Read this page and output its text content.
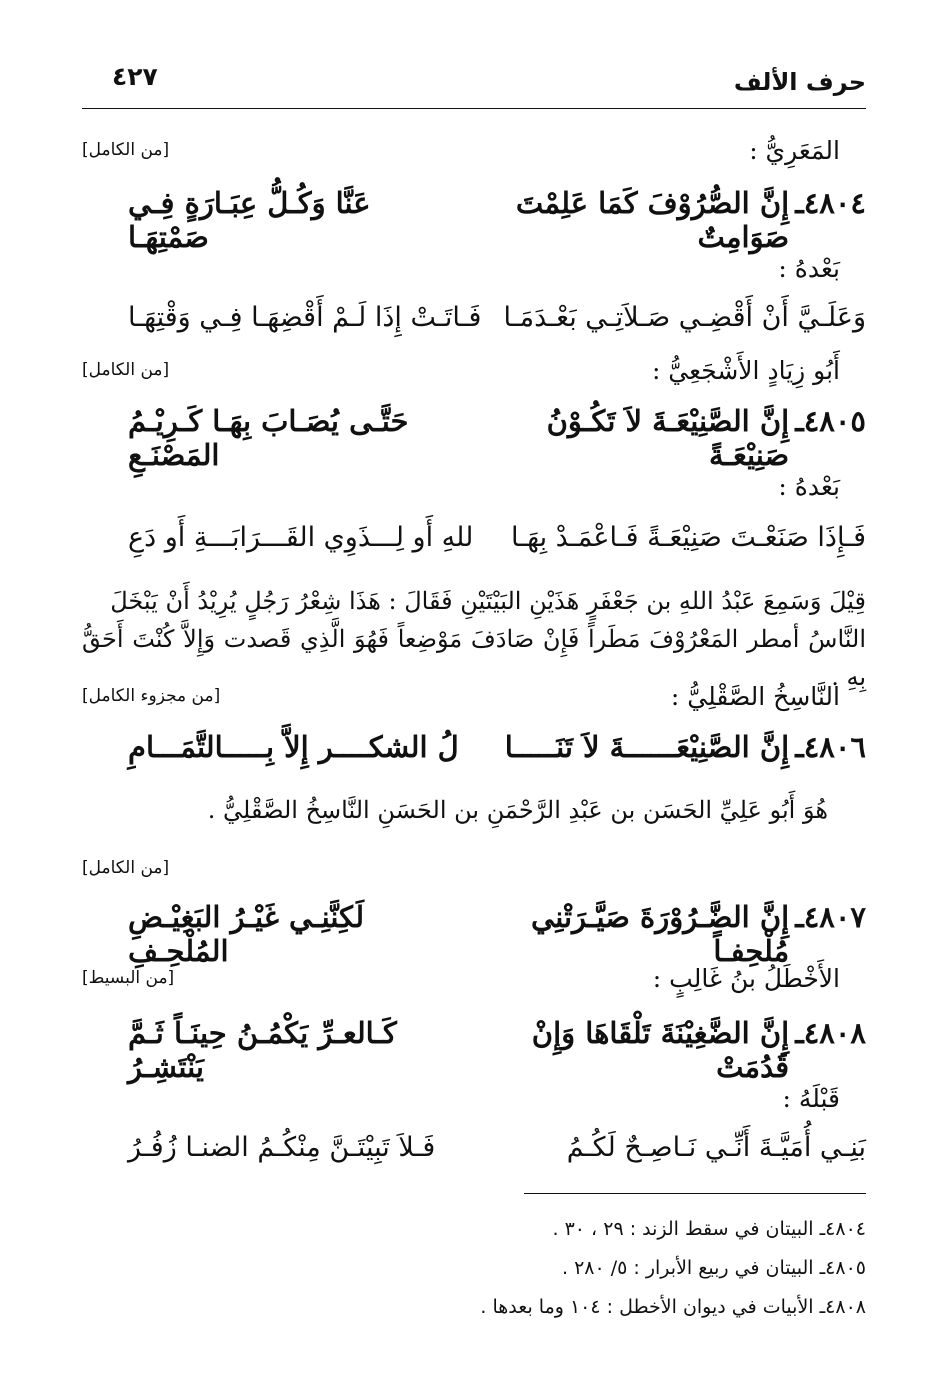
حرف الألف
٤٢٧
المَعَرِيُّ :
[من الكامل]
٤٨٠٤ـ
إِنَّ الصُّرُوْفَ كَمَا عَلِمْتَ صَوَامِتٌ
عَنَّا وَكُـلُّ عِبَـارَةٍ فِـي صَمْتِهَـا
بَعْدهُ :
وَعَلَـيَّ أَنْ أَقْضِـي صَـلاَتِـي بَعْـدَمَـا
فَـاتَـتْ إِذَا لَـمْ أَقْضِهَـا فِـي وَقْتِهَـا
أَبُو زِيَادٍ الأَشْجَعِيُّ :
[من الكامل]
٤٨٠٥ـ
إِنَّ الصَّنِيْعَـةَ لاَ تَكُـوْنُ صَنِيْعَـةً
حَتَّـى يُصَـابَ بِهَـا كَـرِيْـمُ المَصْنَـعِ
بَعْدهُ :
فَـإِذَا صَنَعْـتَ صَنِيْعَـةً فَـاعْمَـدْ بِهَـا
للهِ أَو لِـــذَوِي القَـــرَابَـــةِ أَو دَعِ
قِيْلَ وَسَمِعَ عَبْدُ اللهِ بن جَعْفَرٍ هَذَيْنِ البَيْتَيْنِ فَقَالَ : هَذَا شِعْرُ رَجُلٍ يُرِيْدُ أَنْ يَبْخَلَ
النَّاسُ أمطر المَعْرُوْفَ مَطَراً فَإِنْ صَادَفَ مَوْضِعاً فَهُوَ الَّذِي قَصدت وَإِلاَّ كُنْتَ أَحَقُّ بِهِ .
النَّاسِخُ الصَّقْلِيُّ :
[من مجزوء الكامل]
٤٨٠٦ـ
إِنَّ الصَّنِيْعَــــــةَ لاَ تَنَـــــا
لُ الشكــــر إِلاَّ بِـــــالتَّمَـــامِ
هُوَ أَبُو عَلِيِّ الحَسَن بن عَبْدِ الرَّحْمَنِ بن الحَسَنِ النَّاسِخُ الصَّقْلِيُّ .
[من الكامل]
٤٨٠٧ـ
إِنَّ الضَّـرُوْرَةَ صَيَّـرَتْنِي مُلْحِفـاً
لَكِنَّنِـي غَيْـرُ البَغِيْـضِ المُلْحِـفِ
الأَخْطَلُ بنُ غَالِبٍ :
[من البسيط]
٤٨٠٨ـ
إِنَّ الضَّغِيْنَةَ تَلْقَاهَا وَإِنْ قَدُمَتْ
كَـالعـرِّ يَكْمُـنُ حِينَـاً ثَـمَّ يَنْتَشِـرُ
قَبْلَهُ :
بَنِـي أُمَيَّـةَ أَنِّـي نَـاصِـحٌ لَكُـمُ
فَـلاَ تَبِيْتَـنَّ مِنْكُـمُ الضنـا زُفُـرُ
٤٨٠٤ـ البيتان في سقط الزند : ٢٩ ، ٣٠ .
٤٨٠٥ـ البيتان في ربيع الأبرار : ٥/ ٢٨٠ .
٤٨٠٨ـ الأبيات في ديوان الأخطل : ١٠٤ وما بعدها .
